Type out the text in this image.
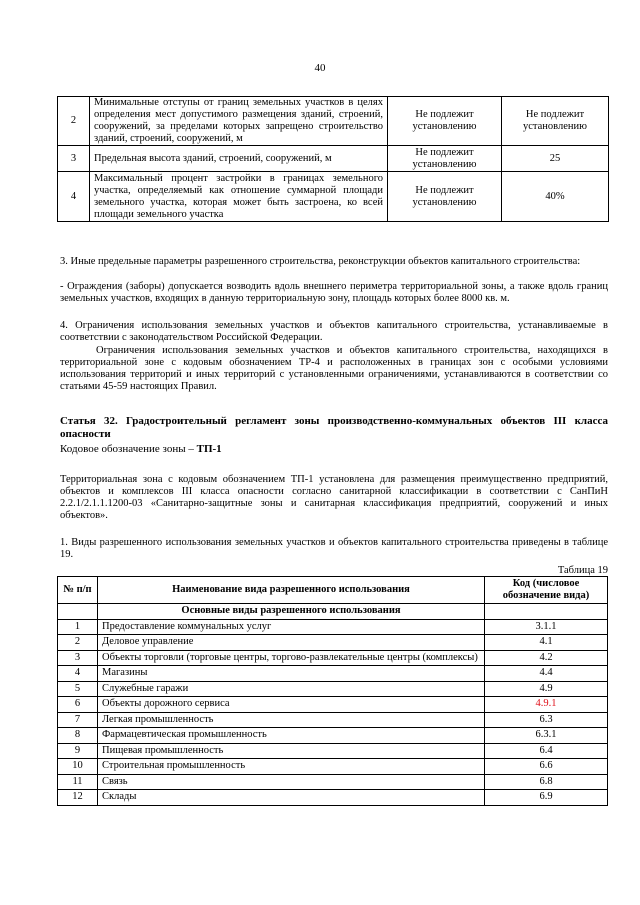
40
2	Минимальные отступы от границ земельных участков в целях определения мест допустимого размещения зданий, строений, сооружений, за пределами которых запрещено строительство зданий, строений, сооружений, м	Не подлежит установлению	Не подлежит установлению
3	Предельная высота зданий, строений, сооружений, м	Не подлежит установлению	25
4	Максимальный процент застройки в границах земельного участка, определяемый как отношение суммарной площади земельного участка, которая может быть застроена, ко всей площади земельного участка	Не подлежит установлению	40%

3. Иные предельные параметры разрешенного строительства, реконструкции объектов капитального строительства:

- Ограждения (заборы) допускается возводить вдоль внешнего периметра территориальной зоны, а также вдоль границ земельных участков, входящих в данную территориальную зону, площадь которых более 8000 кв. м.

4. Ограничения использования земельных участков и объектов капитального строительства, устанавливаемые в соответствии с законодательством Российской Федерации.

Ограничения использования земельных участков и объектов капитального строительства, находящихся в территориальной зоне с кодовым обозначением ТР-4 и расположенных в границах зон с особыми условиями использования территорий и иных территорий с установленными ограничениями, устанавливаются в соответствии со статьями 45-59 настоящих Правил.

Статья 32. Градостроительный регламент зоны производственно-коммунальных объектов III класса опасности

Кодовое обозначение зоны – ТП-1

Территориальная зона с кодовым обозначением ТП-1 установлена для размещения преимущественно предприятий, объектов и комплексов III класса опасности согласно санитарной классификации в соответствии с СанПиН 2.2.1/2.1.1.1200-03 «Санитарно-защитные зоны и санитарная классификация предприятий, сооружений и иных объектов».

1. Виды разрешенного использования земельных участков и объектов капитального строительства приведены в таблице 19.

Таблица 19
№ п/п	Наименование вида разрешенного использования	Код (числовое обозначение вида)
	Основные виды разрешенного использования	
1	Предоставление коммунальных услуг	3.1.1
2	Деловое управление	4.1
3	Объекты торговли (торговые центры, торгово-развлекательные центры (комплексы)	4.2
4	Магазины	4.4
5	Служебные гаражи	4.9
6	Объекты дорожного сервиса	4.9.1
7	Легкая промышленность	6.3
8	Фармацевтическая промышленность	6.3.1
9	Пищевая промышленность	6.4
10	Строительная промышленность	6.6
11	Связь	6.8
12	Склады	6.9
